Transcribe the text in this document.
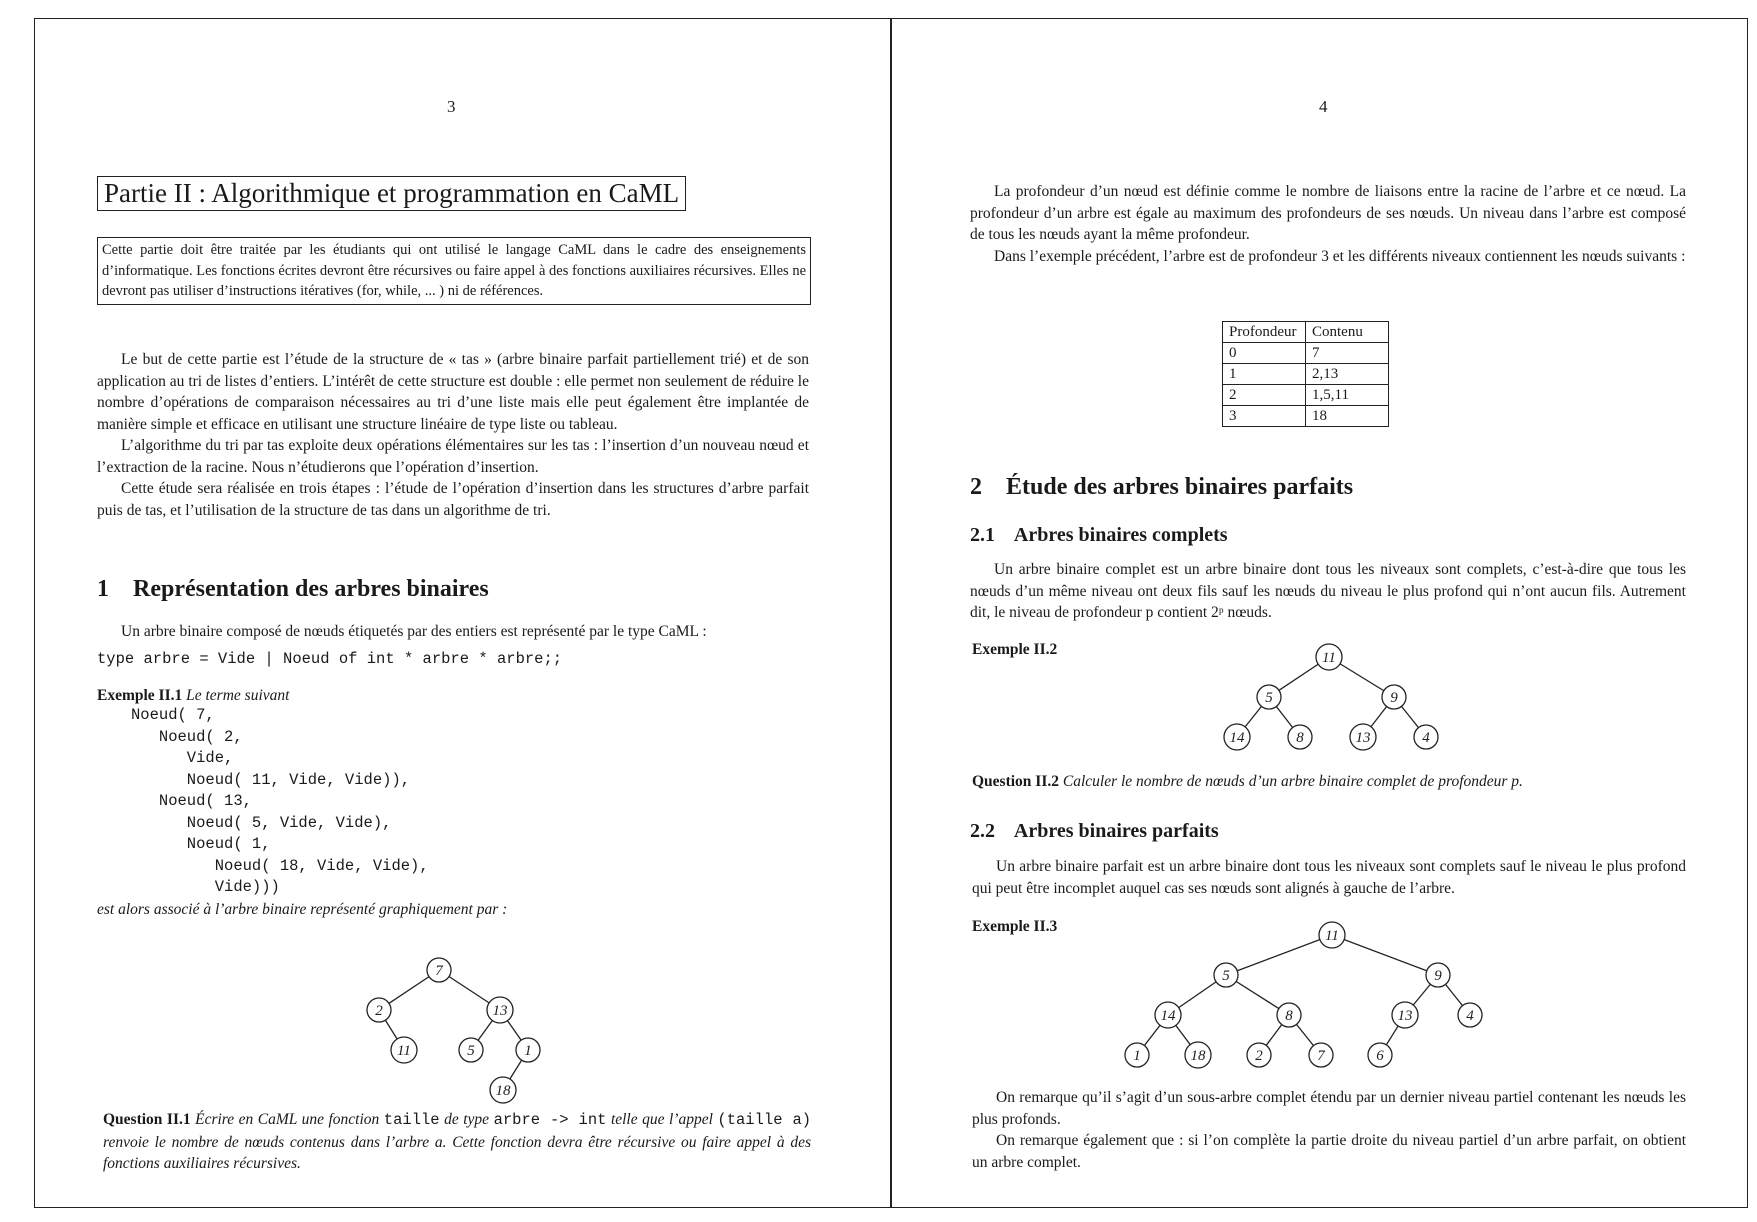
3
Partie II : Algorithmique et programmation en CaML
Cette partie doit être traitée par les étudiants qui ont utilisé le langage CaML dans le cadre des enseignements d’informatique. Les fonctions écrites devront être récursives ou faire appel à des fonctions auxiliaires récursives. Elles ne devront pas utiliser d’instructions itératives (for, while, ... ) ni de références.
Le but de cette partie est l’étude de la structure de « tas » (arbre binaire parfait partiellement trié) et de son application au tri de listes d’entiers. L’intérêt de cette structure est double : elle permet non seulement de réduire le nombre d’opérations de comparaison nécessaires au tri d’une liste mais elle peut également être implantée de manière simple et efficace en utilisant une structure linéaire de type liste ou tableau.
L’algorithme du tri par tas exploite deux opérations élémentaires sur les tas : l’insertion d’un nouveau nœud et l’extraction de la racine. Nous n’étudierons que l’opération d’insertion.
Cette étude sera réalisée en trois étapes : l’étude de l’opération d’insertion dans les structures d’arbre parfait puis de tas, et l’utilisation de la structure de tas dans un algorithme de tri.
1    Représentation des arbres binaires
Un arbre binaire composé de nœuds étiquetés par des entiers est représenté par le type CaML :
type arbre = Vide | Noeud of int * arbre * arbre;;
Exemple II.1 Le terme suivant
Noeud( 7,
Noeud( 2,
Vide,
Noeud( 11, Vide, Vide)),
Noeud( 13,
Noeud( 5, Vide, Vide),
Noeud( 1,
Noeud( 18, Vide, Vide),
Vide)))
est alors associé à l’arbre binaire représenté graphiquement par :
7
2	13
11	5	1
18
Question II.1 Écrire en CaML une fonction taille de type arbre -> int telle que l’appel (taille a) renvoie le nombre de nœuds contenus dans l’arbre a. Cette fonction devra être récursive ou faire appel à des fonctions auxiliaires récursives.
4
La profondeur d’un nœud est définie comme le nombre de liaisons entre la racine de l’arbre et ce nœud. La profondeur d’un arbre est égale au maximum des profondeurs de ses nœuds. Un niveau dans l’arbre est composé de tous les nœuds ayant la même profondeur.
Dans l’exemple précédent, l’arbre est de profondeur 3 et les différents niveaux contiennent les nœuds suivants :
Profondeur	Contenu
0	7
1	2,13
2	1,5,11
3	18
2    Étude des arbres binaires parfaits
2.1    Arbres binaires complets
Un arbre binaire complet est un arbre binaire dont tous les niveaux sont complets, c’est-à-dire que tous les nœuds d’un même niveau ont deux fils sauf les nœuds du niveau le plus profond qui n’ont aucun fils. Autrement dit, le niveau de profondeur p contient 2ᵖ nœuds.
Exemple II.2	11
5	9
14	8	13	4
Question II.2 Calculer le nombre de nœuds d’un arbre binaire complet de profondeur p.
2.2    Arbres binaires parfaits
Un arbre binaire parfait est un arbre binaire dont tous les niveaux sont complets sauf le niveau le plus profond qui peut être incomplet auquel cas ses nœuds sont alignés à gauche de l’arbre.
Exemple II.3
11
5	9
14	8	13	4
1	18	2	7	6
On remarque qu’il s’agit d’un sous-arbre complet étendu par un dernier niveau partiel contenant les nœuds les plus profonds.
On remarque également que : si l’on complète la partie droite du niveau partiel d’un arbre parfait, on obtient un arbre complet.
